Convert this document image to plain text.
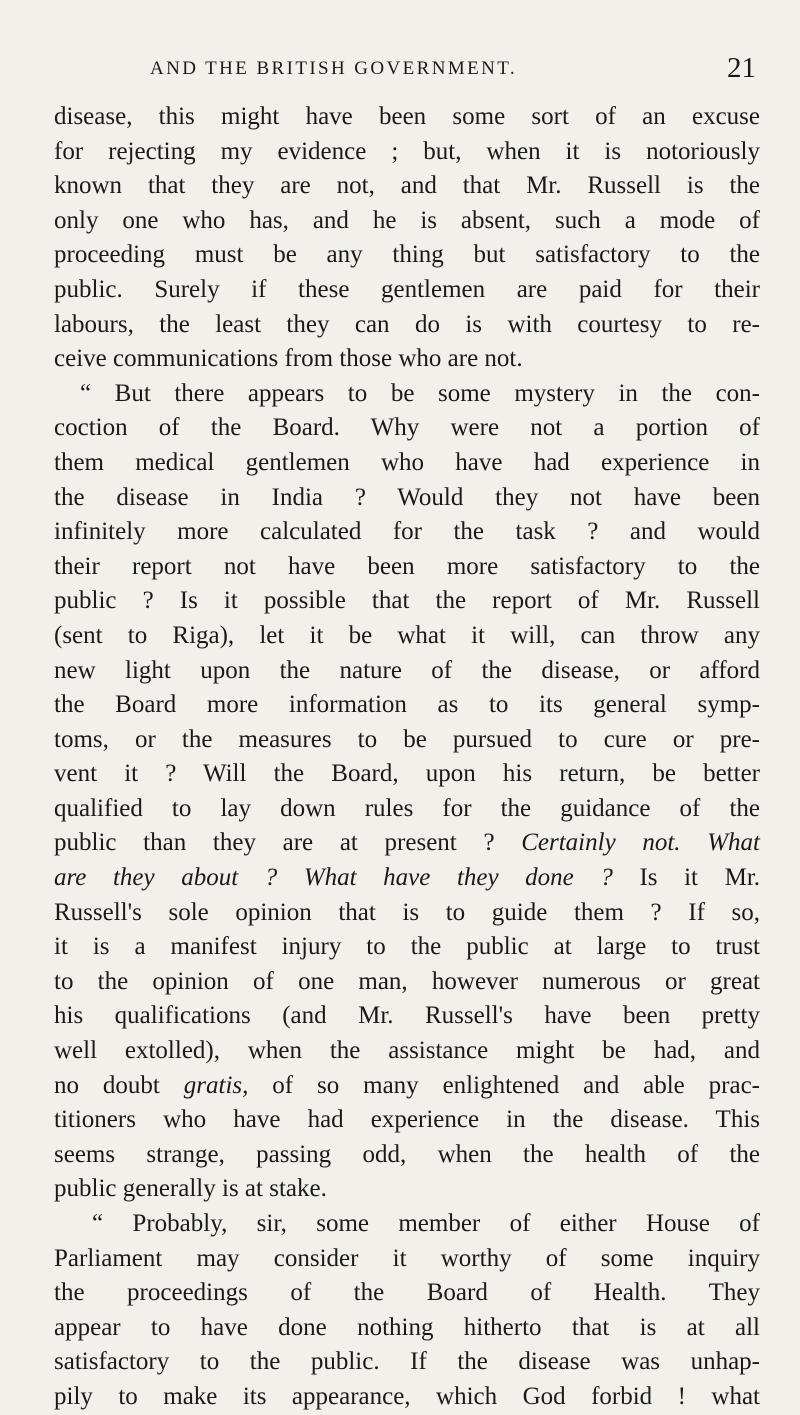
AND THE BRITISH GOVERNMENT.	21
disease, this might have been some sort of an excuse
for rejecting my evidence ; but, when it is notoriously
known that they are not, and that Mr. Russell is the
only one who has, and he is absent, such a mode of
proceeding must be any thing but satisfactory to the
public. Surely if these gentlemen are paid for their
labours, the least they can do is with courtesy to re-
ceive communications from those who are not.
“ But there appears to be some mystery in the con-
coction of the Board. Why were not a portion of
them medical gentlemen who have had experience in
the disease in India ? Would they not have been
infinitely more calculated for the task ? and would
their report not have been more satisfactory to the
public ? Is it possible that the report of Mr. Russell
(sent to Riga), let it be what it will, can throw any
new light upon the nature of the disease, or afford
the Board more information as to its general symp-
toms, or the measures to be pursued to cure or pre-
vent it ? Will the Board, upon his return, be better
qualified to lay down rules for the guidance of the
public than they are at present ? Certainly not. What
are they about ? What have they done ? Is it Mr.
Russell's sole opinion that is to guide them ? If so,
it is a manifest injury to the public at large to trust
to the opinion of one man, however numerous or great
his qualifications (and Mr. Russell's have been pretty
well extolled), when the assistance might be had, and
no doubt gratis, of so many enlightened and able prac-
titioners who have had experience in the disease. This
seems strange, passing odd, when the health of the
public generally is at stake.
“ Probably, sir, some member of either House of
Parliament may consider it worthy of some inquiry
the proceedings of the Board of Health. They
appear to have done nothing hitherto that is at all
satisfactory to the public. If the disease was unhap-
pily to make its appearance, which God forbid ! what
